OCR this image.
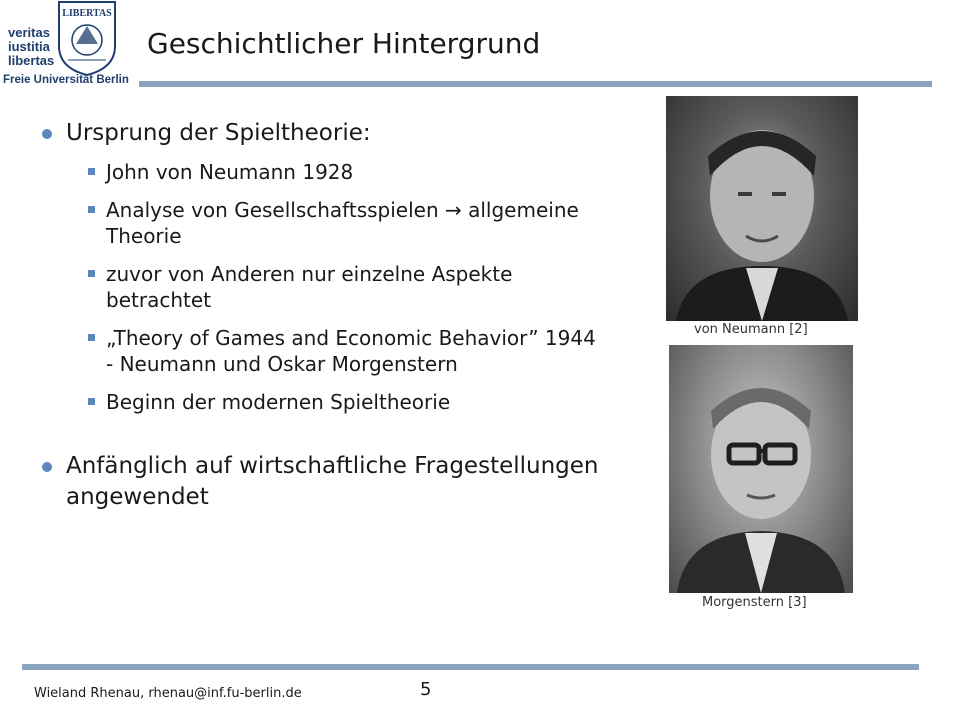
veritas
iustitia
libertas
LIBERTAS
Freie Universität Berlin
Geschichtlicher Hintergrund
Ursprung der Spieltheorie:
John von Neumann 1928
Analyse von Gesellschaftsspielen → allgemeine Theorie
zuvor von Anderen nur einzelne Aspekte betrachtet
„Theory of Games and Economic Behavior” 1944 - Neumann und Oskar Morgenstern
Beginn der modernen Spieltheorie
Anfänglich auf wirtschaftliche Fragestellungen angewendet
von Neumann [2]
Morgenstern [3]
Wieland Rhenau, rhenau@inf.fu-berlin.de	5
